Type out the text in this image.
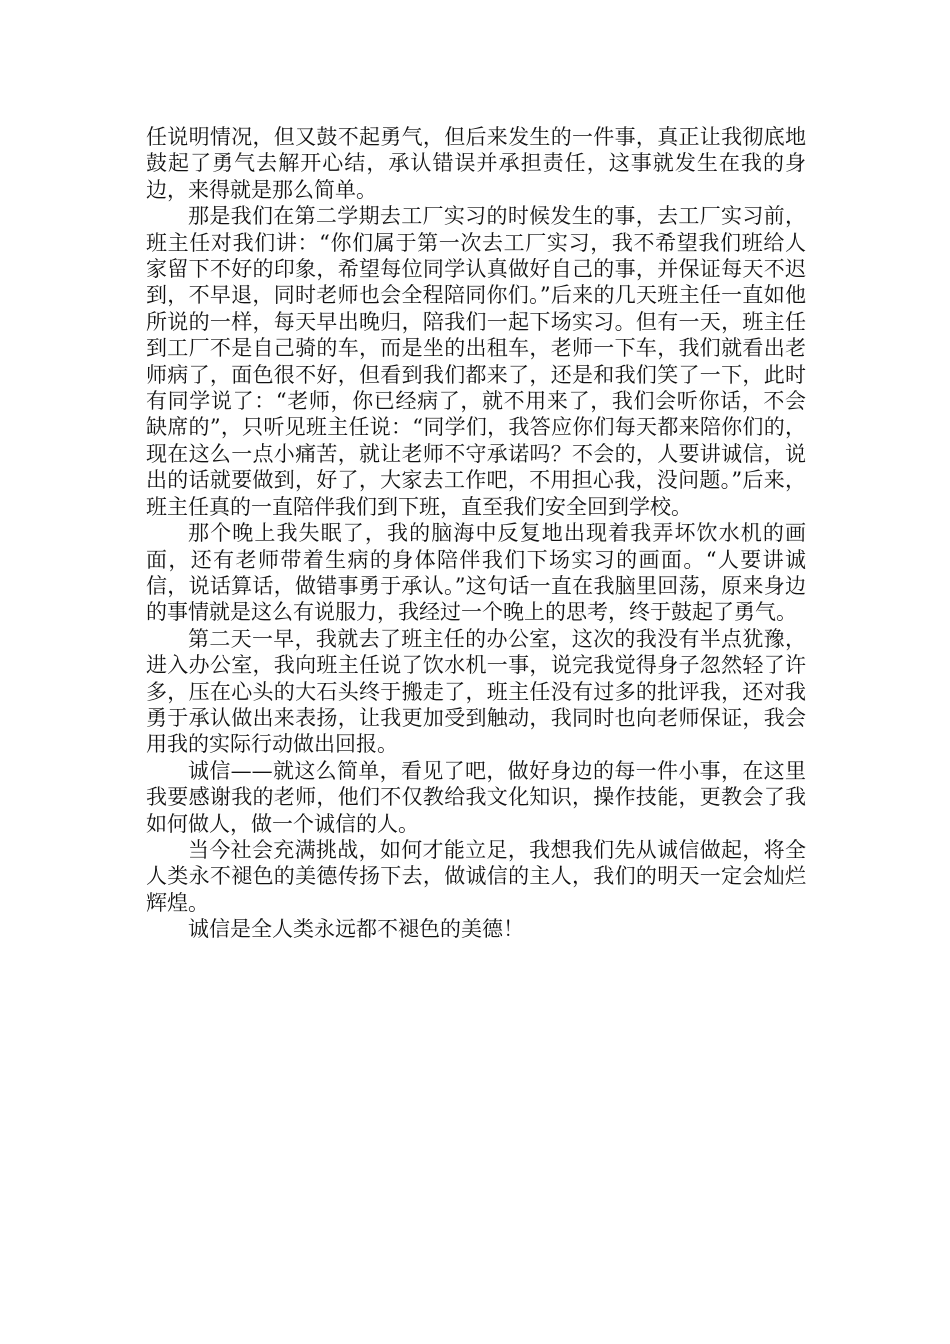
任说明情况，但又鼓不起勇气，但后来发生的一件事，真正让我彻底地鼓起了勇气去解开心结，承认错误并承担责任，这事就发生在我的身边，来得就是那么简单。

那是我们在第二学期去工厂实习的时候发生的事，去工厂实习前，班主任对我们讲：“你们属于第一次去工厂实习，我不希望我们班给人家留下不好的印象，希望每位同学认真做好自己的事，并保证每天不迟到，不早退，同时老师也会全程陪同你们。”后来的几天班主任一直如他所说的一样，每天早出晚归，陪我们一起下场实习。但有一天，班主任到工厂不是自己骑的车，而是坐的出租车，老师一下车，我们就看出老师病了，面色很不好，但看到我们都来了，还是和我们笑了一下，此时有同学说了：“老师，你已经病了，就不用来了，我们会听你话，不会缺席的”，只听见班主任说：“同学们，我答应你们每天都来陪你们的，现在这么一点小痛苦，就让老师不守承诺吗？不会的，人要讲诚信，说出的话就要做到，好了，大家去工作吧，不用担心我，没问题。”后来，班主任真的一直陪伴我们到下班，直至我们安全回到学校。

那个晚上我失眠了，我的脑海中反复地出现着我弄坏饮水机的画面，还有老师带着生病的身体陪伴我们下场实习的画面。“人要讲诚信，说话算话，做错事勇于承认。”这句话一直在我脑里回荡，原来身边的事情就是这么有说服力，我经过一个晚上的思考，终于鼓起了勇气。

第二天一早，我就去了班主任的办公室，这次的我没有半点犹豫，进入办公室，我向班主任说了饮水机一事，说完我觉得身子忽然轻了许多，压在心头的大石头终于搬走了，班主任没有过多的批评我，还对我勇于承认做出来表扬，让我更加受到触动，我同时也向老师保证，我会用我的实际行动做出回报。

诚信——就这么简单，看见了吧，做好身边的每一件小事，在这里我要感谢我的老师，他们不仅教给我文化知识，操作技能，更教会了我如何做人，做一个诚信的人。

当今社会充满挑战，如何才能立足，我想我们先从诚信做起，将全人类永不褪色的美德传扬下去，做诚信的主人，我们的明天一定会灿烂辉煌。

诚信是全人类永远都不褪色的美德！
